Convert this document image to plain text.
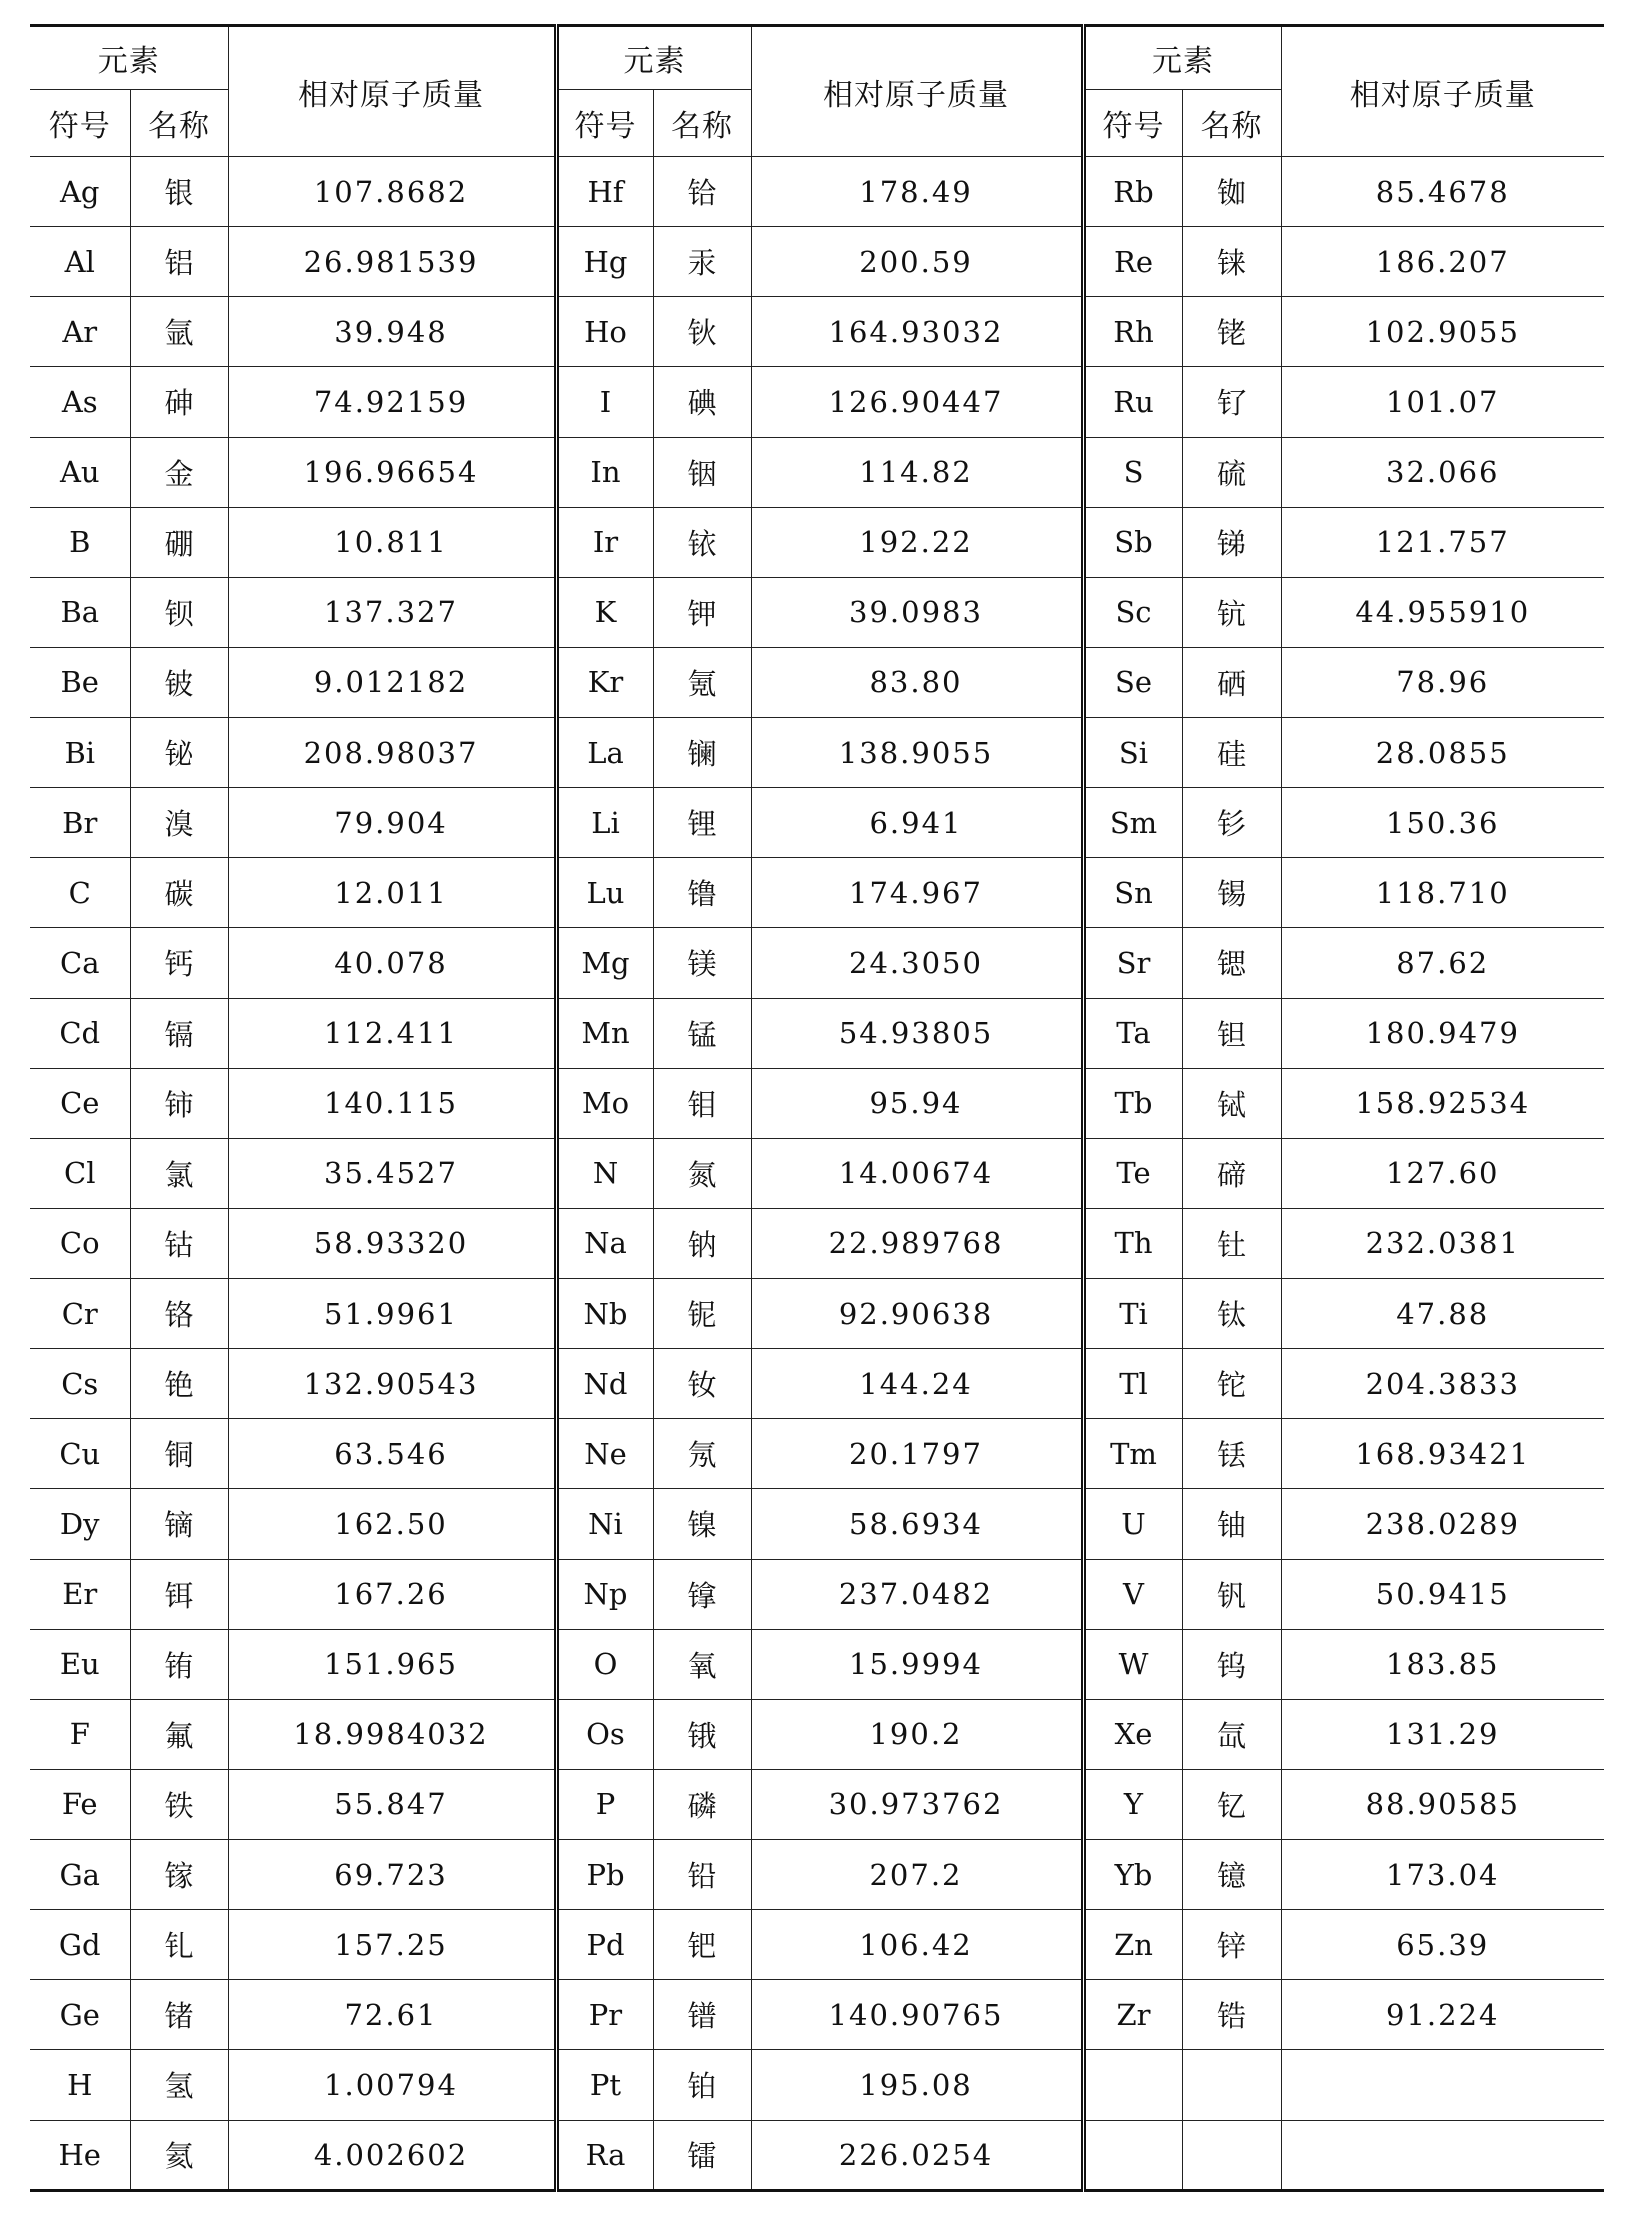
元素		相对原子质量	元素		相对原子质量	元素		相对原子质量
符号	名称		符号	名称		符号	名称	
Ag	银	107.8682	Hf	铪	178.49	Rb	铷	85.4678
Al	铝	26.981539	Hg	汞	200.59	Re	铼	186.207
Ar	氩	39.948	Ho	钬	164.93032	Rh	铑	102.9055
As	砷	74.92159	I	碘	126.90447	Ru	钌	101.07
Au	金	196.96654	In	铟	114.82	S	硫	32.066
B	硼	10.811	Ir	铱	192.22	Sb	锑	121.757
Ba	钡	137.327	K	钾	39.0983	Sc	钪	44.955910
Be	铍	9.012182	Kr	氪	83.80	Se	硒	78.96
Bi	铋	208.98037	La	镧	138.9055	Si	硅	28.0855
Br	溴	79.904	Li	锂	6.941	Sm	钐	150.36
C	碳	12.011	Lu	镥	174.967	Sn	锡	118.710
Ca	钙	40.078	Mg	镁	24.3050	Sr	锶	87.62
Cd	镉	112.411	Mn	锰	54.93805	Ta	钽	180.9479
Ce	铈	140.115	Mo	钼	95.94	Tb	铽	158.92534
Cl	氯	35.4527	N	氮	14.00674	Te	碲	127.60
Co	钴	58.93320	Na	钠	22.989768	Th	钍	232.0381
Cr	铬	51.9961	Nb	铌	92.90638	Ti	钛	47.88
Cs	铯	132.90543	Nd	钕	144.24	Tl	铊	204.3833
Cu	铜	63.546	Ne	氖	20.1797	Tm	铥	168.93421
Dy	镝	162.50	Ni	镍	58.6934	U	铀	238.0289
Er	铒	167.26	Np	镎	237.0482	V	钒	50.9415
Eu	铕	151.965	O	氧	15.9994	W	钨	183.85
F	氟	18.9984032	Os	锇	190.2	Xe	氙	131.29
Fe	铁	55.847	P	磷	30.973762	Y	钇	88.90585
Ga	镓	69.723	Pb	铅	207.2	Yb	镱	173.04
Gd	钆	157.25	Pd	钯	106.42	Zn	锌	65.39
Ge	锗	72.61	Pr	镨	140.90765	Zr	锆	91.224
H	氢	1.00794	Pt	铂	195.08			
He	氦	4.002602	Ra	镭	226.0254			
